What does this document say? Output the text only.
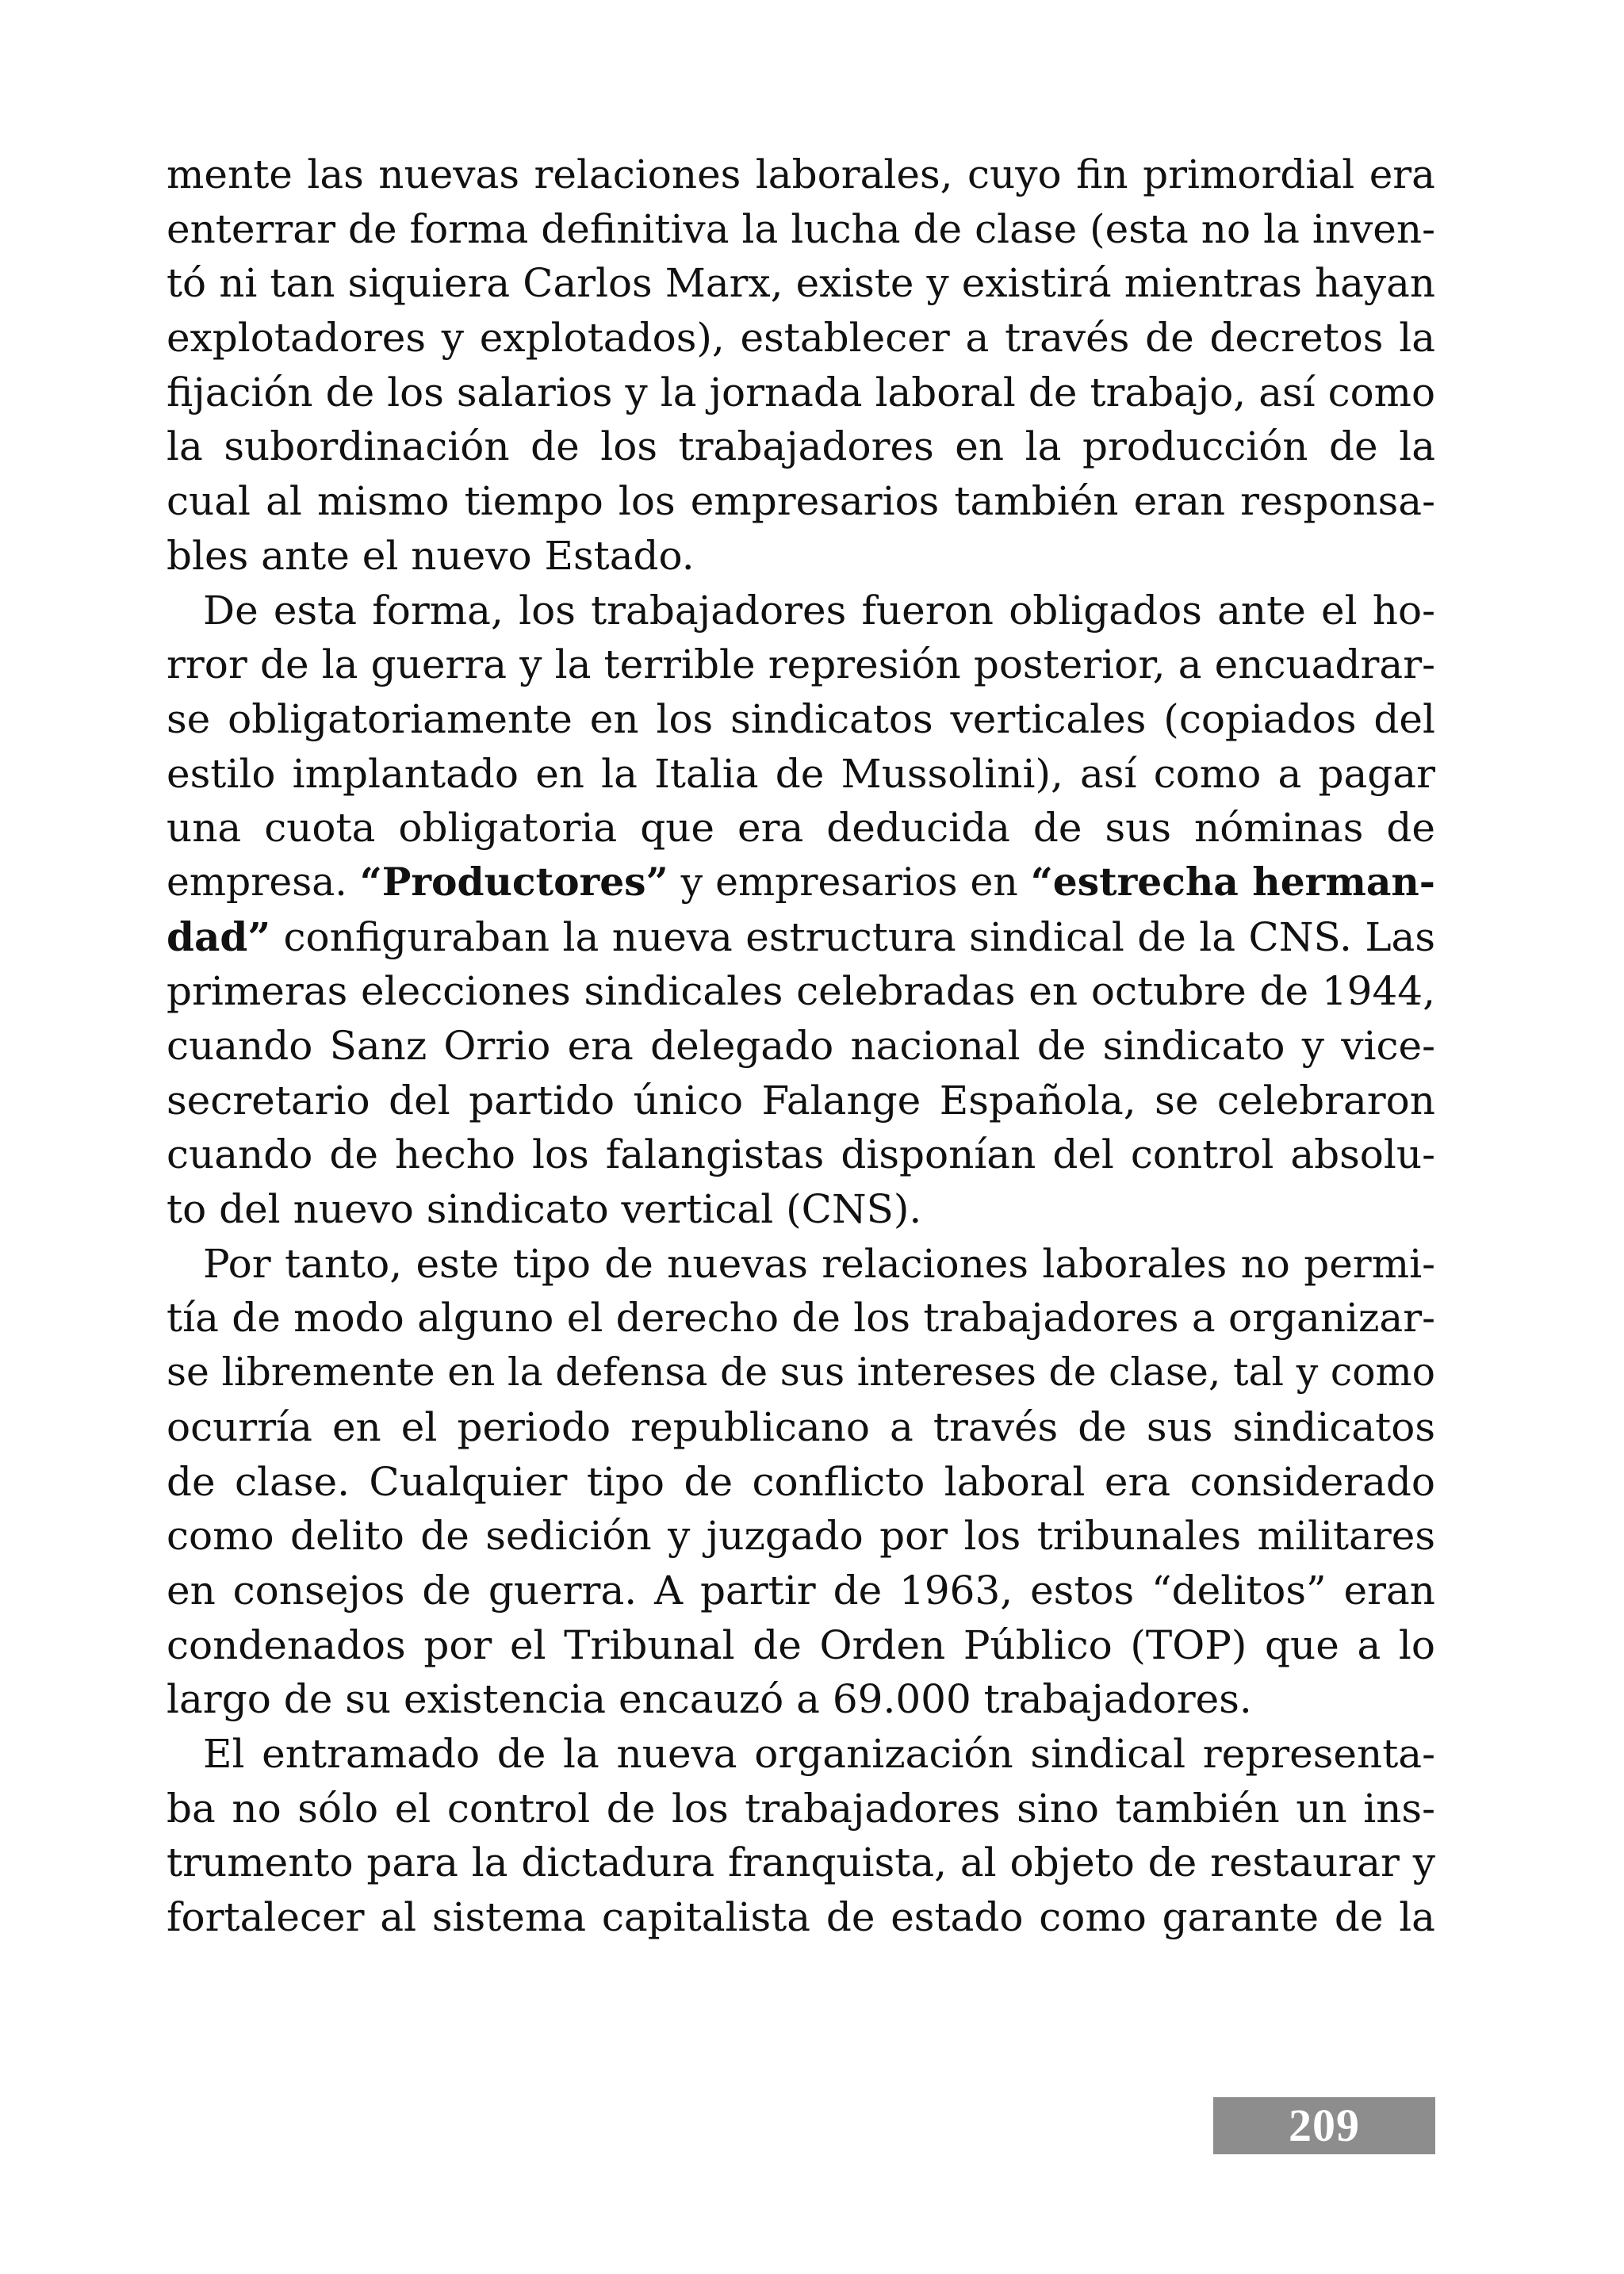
mente las nuevas relaciones laborales, cuyo fin primordial era
enterrar de forma definitiva la lucha de clase (esta no la inven-
tó ni tan siquiera Carlos Marx, existe y existirá mientras hayan
explotadores y explotados), establecer a través de decretos la
fijación de los salarios y la jornada laboral de trabajo, así como
la subordinación de los trabajadores en la producción de la
cual al mismo tiempo los empresarios también eran responsa-
bles ante el nuevo Estado.
De esta forma, los trabajadores fueron obligados ante el ho-
rror de la guerra y la terrible represión posterior, a encuadrar-
se obligatoriamente en los sindicatos verticales (copiados del
estilo implantado en la Italia de Mussolini), así como a pagar
una cuota obligatoria que era deducida de sus nóminas de
empresa. “Productores” y empresarios en “estrecha herman-
dad” configuraban la nueva estructura sindical de la CNS. Las
primeras elecciones sindicales celebradas en octubre de 1944,
cuando Sanz Orrio era delegado nacional de sindicato y vice-
secretario del partido único Falange Española, se celebraron
cuando de hecho los falangistas disponían del control absolu-
to del nuevo sindicato vertical (CNS).
Por tanto, este tipo de nuevas relaciones laborales no permi-
tía de modo alguno el derecho de los trabajadores a organizar-
se libremente en la defensa de sus intereses de clase, tal y como
ocurría en el periodo republicano a través de sus sindicatos
de clase. Cualquier tipo de conflicto laboral era considerado
como delito de sedición y juzgado por los tribunales militares
en consejos de guerra. A partir de 1963, estos “delitos” eran
condenados por el Tribunal de Orden Público (TOP) que a lo
largo de su existencia encauzó a 69.000 trabajadores.
El entramado de la nueva organización sindical representa-
ba no sólo el control de los trabajadores sino también un ins-
trumento para la dictadura franquista, al objeto de restaurar y
fortalecer al sistema capitalista de estado como garante de la
209
